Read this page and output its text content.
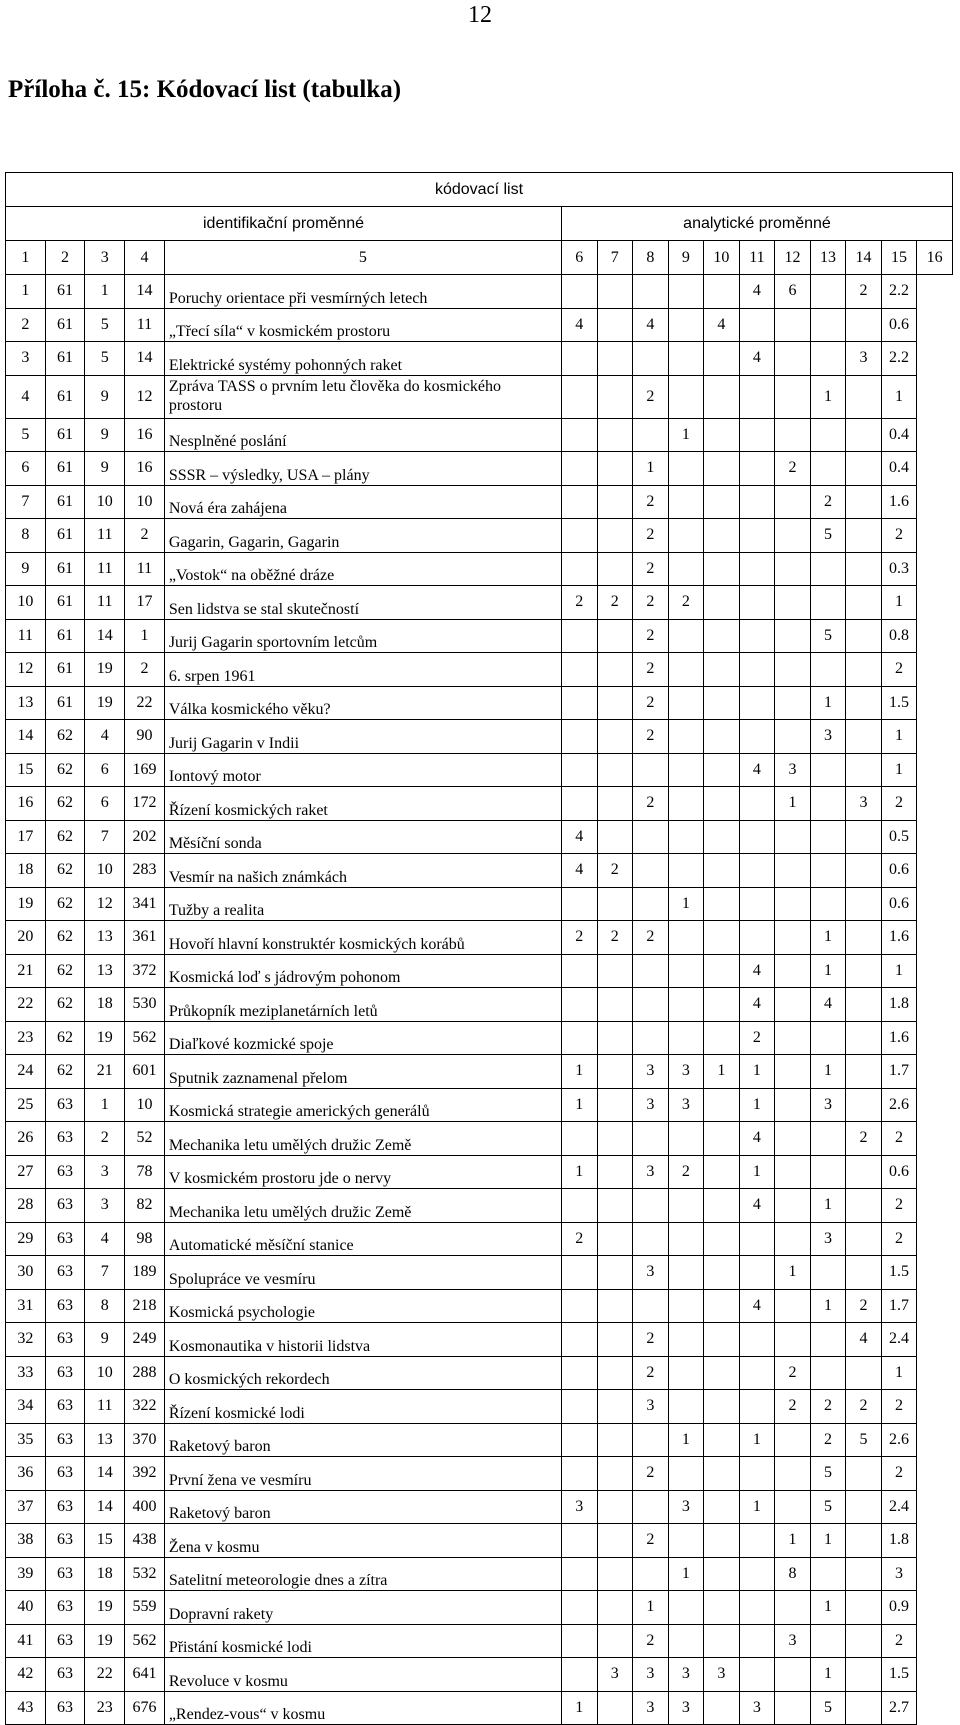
12
Příloha č. 15: Kódovací list (tabulka)
kódovací list															
identifikační proměnné					analytické proměnné										
1	2	3	4	5	6	7	8	9	10	11	12	13	14	15	16
1	61	1	14	Poruchy orientace při vesmírných letech						4	6		2	2.2	
2	61	5	11	„Třecí síla“ v kosmickém prostoru	4		4		4					0.6	
3	61	5	14	Elektrické systémy pohonných raket						4			3	2.2	
4	61	9	12	Zpráva TASS o prvním letu člověka do kosmického prostoru			2					1		1	
5	61	9	16	Nesplněné poslání				1						0.4	
6	61	9	16	SSSR – výsledky, USA – plány			1				2			0.4	
7	61	10	10	Nová éra zahájena			2					2		1.6	
8	61	11	2	Gagarin, Gagarin, Gagarin			2					5		2	
9	61	11	11	„Vostok“ na oběžné dráze			2							0.3	
10	61	11	17	Sen lidstva se stal skutečností	2	2	2	2						1	
11	61	14	1	Jurij Gagarin sportovním letcům			2					5		0.8	
12	61	19	2	6. srpen 1961			2							2	
13	61	19	22	Válka kosmického věku?			2					1		1.5	
14	62	4	90	Jurij Gagarin v Indii			2					3		1	
15	62	6	169	Iontový motor						4	3			1	
16	62	6	172	Řízení kosmických raket			2				1		3	2	
17	62	7	202	Měsíční sonda	4									0.5	
18	62	10	283	Vesmír na našich známkách	4	2								0.6	
19	62	12	341	Tužby a realita				1						0.6	
20	62	13	361	Hovoří hlavní konstruktér kosmických korábů	2	2	2					1		1.6	
21	62	13	372	Kosmická loď s jádrovým pohonom						4		1		1	
22	62	18	530	Průkopník meziplanetárních letů						4		4		1.8	
23	62	19	562	Diaľkové kozmické spoje						2				1.6	
24	62	21	601	Sputnik zaznamenal přelom	1		3	3	1	1		1		1.7	
25	63	1	10	Kosmická strategie amerických generálů	1		3	3		1		3		2.6	
26	63	2	52	Mechanika letu umělých družic Země						4			2	2	
27	63	3	78	V kosmickém prostoru jde o nervy	1		3	2		1				0.6	
28	63	3	82	Mechanika letu umělých družic Země						4		1		2	
29	63	4	98	Automatické měsíční stanice	2							3		2	
30	63	7	189	Spolupráce ve vesmíru			3				1			1.5	
31	63	8	218	Kosmická psychologie						4		1	2	1.7	
32	63	9	249	Kosmonautika v historii lidstva			2						4	2.4	
33	63	10	288	O kosmických rekordech			2				2			1	
34	63	11	322	Řízení kosmické lodi			3				2	2	2	2	
35	63	13	370	Raketový baron				1		1		2	5	2.6	
36	63	14	392	První žena ve vesmíru			2					5		2	
37	63	14	400	Raketový baron	3			3		1		5		2.4	
38	63	15	438	Žena v kosmu			2				1	1		1.8	
39	63	18	532	Satelitní meteorologie dnes a zítra				1			8			3	
40	63	19	559	Dopravní rakety			1					1		0.9	
41	63	19	562	Přistání kosmické lodi			2				3			2	
42	63	22	641	Revoluce v kosmu		3	3	3	3			1		1.5	
43	63	23	676	„Rendez-vous“ v kosmu	1		3	3		3		5		2.7	
